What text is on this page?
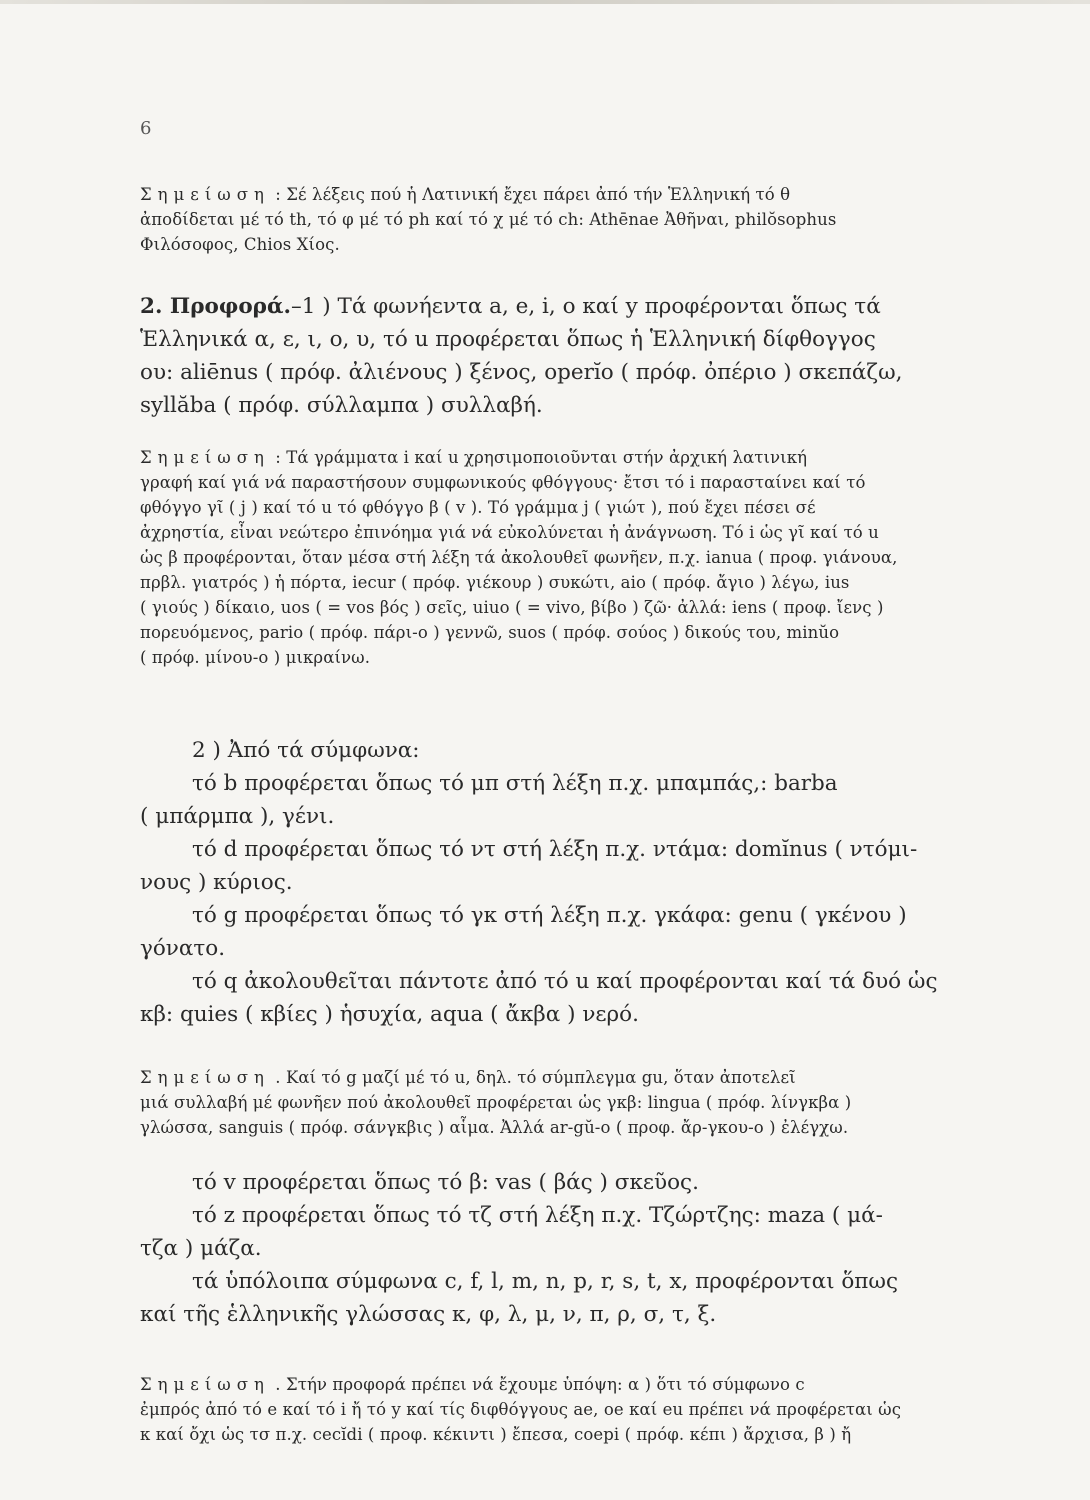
6
Σημείωση : Σέ λέξεις πού ἡ Λατινική ἔχει πάρει ἀπό τήν Ἑλληνική τό θ
ἀποδίδεται μέ τό th, τό φ μέ τό ph καί τό χ μέ τό ch: Athēnae Ἀθῆναι, philŏsophus
Φιλόσοφος, Chios Χίος.
2. Προφορά.–1 ) Τά φωνήεντα a, e, i, o καί y προφέρονται ὅπως τά
Ἑλληνικά α, ε, ι, ο, υ, τό u προφέρεται ὅπως ἡ Ἑλληνική δίφθογγος
ου: aliēnus ( πρόφ. ἀλιένους ) ξένος, operĭo ( πρόφ. ὀπέριο ) σκεπάζω,
syllăba ( πρόφ. σύλλαμπα ) συλλαβή.
Σημείωση : Τά γράμματα i καί u χρησιμοποιοῦνται στήν ἀρχική λατινική
γραφή καί γιά νά παραστήσουν συμφωνικούς φθόγγους· ἔτσι τό i παρασταίνει καί τό
φθόγγο γῖ ( j ) καί τό u τό φθόγγο β ( v ). Τό γράμμα j ( γιώτ ), πού ἔχει πέσει σέ
ἀχρηστία, εἶναι νεώτερο ἐπινόημα γιά νά εὐκολύνεται ἡ ἀνάγνωση. Τό i ὡς γῖ καί τό u
ὡς β προφέρονται, ὅταν μέσα στή λέξη τά ἀκολουθεῖ φωνῆεν, π.χ. ianua ( προφ. γιάνουα,
πρβλ. γιατρός ) ἡ πόρτα, iecur ( πρόφ. γιέκουρ ) συκώτι, aio ( πρόφ. ἄγιο ) λέγω, ius
( γιούς ) δίκαιο, uos ( = vos βός ) σεῖς, uiuo ( = vivo, βίβο ) ζῶ· ἀλλά: iens ( προφ. ἴενς )
πορευόμενος, pario ( πρόφ. πάρι-ο ) γεννῶ, suos ( πρόφ. σούος ) δικούς του, minŭo
( πρόφ. μίνου-ο ) μικραίνω.
2 ) Ἀπό τά σύμφωνα:
τό b προφέρεται ὅπως τό μπ στή λέξη π.χ. μπαμπάς,: barba
( μπάρμπα ), γένι.
τό d προφέρεται ὅπως τό ντ στή λέξη π.χ. ντάμα: domĭnus ( ντόμι-
νους ) κύριος.
τό g προφέρεται ὅπως τό γκ στή λέξη π.χ. γκάφα: genu ( γκένου )
γόνατο.
τό q ἀκολουθεῖται πάντοτε ἀπό τό u καί προφέρονται καί τά δυό ὡς
κβ: quies ( κβίες ) ἡσυχία, aqua ( ἄκβα ) νερό.
Σημείωση . Καί τό g μαζί μέ τό u, δηλ. τό σύμπλεγμα gu, ὅταν ἀποτελεῖ
μιά συλλαβή μέ φωνῆεν πού ἀκολουθεῖ προφέρεται ὡς γκβ: lingua ( πρόφ. λίνγκβα )
γλώσσα, sanguis ( πρόφ. σάνγκβις ) αἷμα. Ἀλλά ar-gŭ-o ( προφ. ἄρ-γκου-ο ) ἐλέγχω.
τό v προφέρεται ὅπως τό β: vas ( βάς ) σκεῦος.
τό z προφέρεται ὅπως τό τζ στή λέξη π.χ. Τζώρτζης: maza ( μά-
τζα ) μάζα.
τά ὑπόλοιπα σύμφωνα c, f, l, m, n, p, r, s, t, x, προφέρονται ὅπως
καί τῆς ἑλληνικῆς γλώσσας κ, φ, λ, μ, ν, π, ρ, σ, τ, ξ.
Σημείωση . Στήν προφορά πρέπει νά ἔχουμε ὑπόψη: α ) ὅτι τό σύμφωνο c
ἐμπρός ἀπό τό e καί τό i ἤ τό y καί τίς διφθόγγους ae, oe καί eu πρέπει νά προφέρεται ὡς
κ καί ὄχι ὡς τσ π.χ. cecĭdi ( προφ. κέκιντι ) ἔπεσα, coepi ( πρόφ. κέπι ) ἄρχισα, β ) ἤ
